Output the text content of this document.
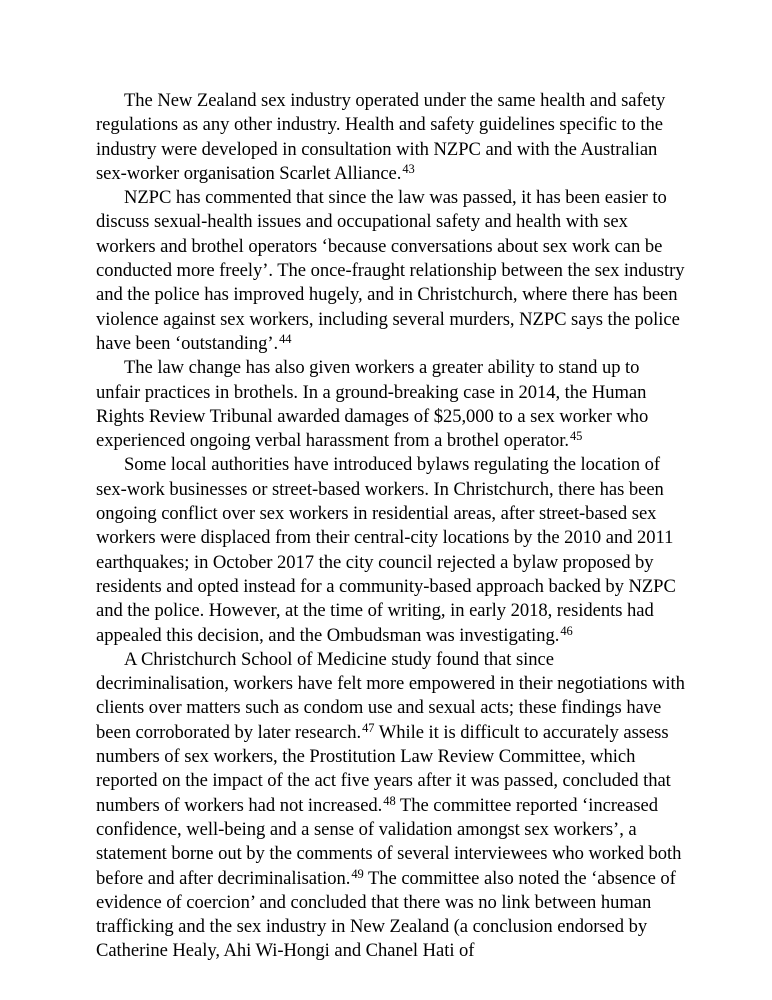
The New Zealand sex industry operated under the same health and safety regulations as any other industry. Health and safety guidelines specific to the industry were developed in consultation with NZPC and with the Australian sex-worker organisation Scarlet Alliance.$^{43}$

NZPC has commented that since the law was passed, it has been easier to discuss sexual-health issues and occupational safety and health with sex workers and brothel operators ‘because conversations about sex work can be conducted more freely’. The once-fraught relationship between the sex industry and the police has improved hugely, and in Christchurch, where there has been violence against sex workers, including several murders, NZPC says the police have been ‘outstanding’.$^{44}$

The law change has also given workers a greater ability to stand up to unfair practices in brothels. In a ground-breaking case in 2014, the Human Rights Review Tribunal awarded damages of $25,000 to a sex worker who experienced ongoing verbal harassment from a brothel operator.$^{45}$

Some local authorities have introduced bylaws regulating the location of sex-work businesses or street-based workers. In Christchurch, there has been ongoing conflict over sex workers in residential areas, after street-based sex workers were displaced from their central-city locations by the 2010 and 2011 earthquakes; in October 2017 the city council rejected a bylaw proposed by residents and opted instead for a community-based approach backed by NZPC and the police. However, at the time of writing, in early 2018, residents had appealed this decision, and the Ombudsman was investigating.$^{46}$

A Christchurch School of Medicine study found that since decriminalisation, workers have felt more empowered in their negotiations with clients over matters such as condom use and sexual acts; these findings have been corroborated by later research.$^{47}$ While it is difficult to accurately assess numbers of sex workers, the Prostitution Law Review Committee, which reported on the impact of the act five years after it was passed, concluded that numbers of workers had not increased.$^{48}$ The committee reported ‘increased confidence, well-being and a sense of validation amongst sex workers’, a statement borne out by the comments of several interviewees who worked both before and after decriminalisation.$^{49}$ The committee also noted the ‘absence of evidence of coercion’ and concluded that there was no link between human trafficking and the sex industry in New Zealand (a conclusion endorsed by Catherine Healy, Ahi Wi-Hongi and Chanel Hati of
